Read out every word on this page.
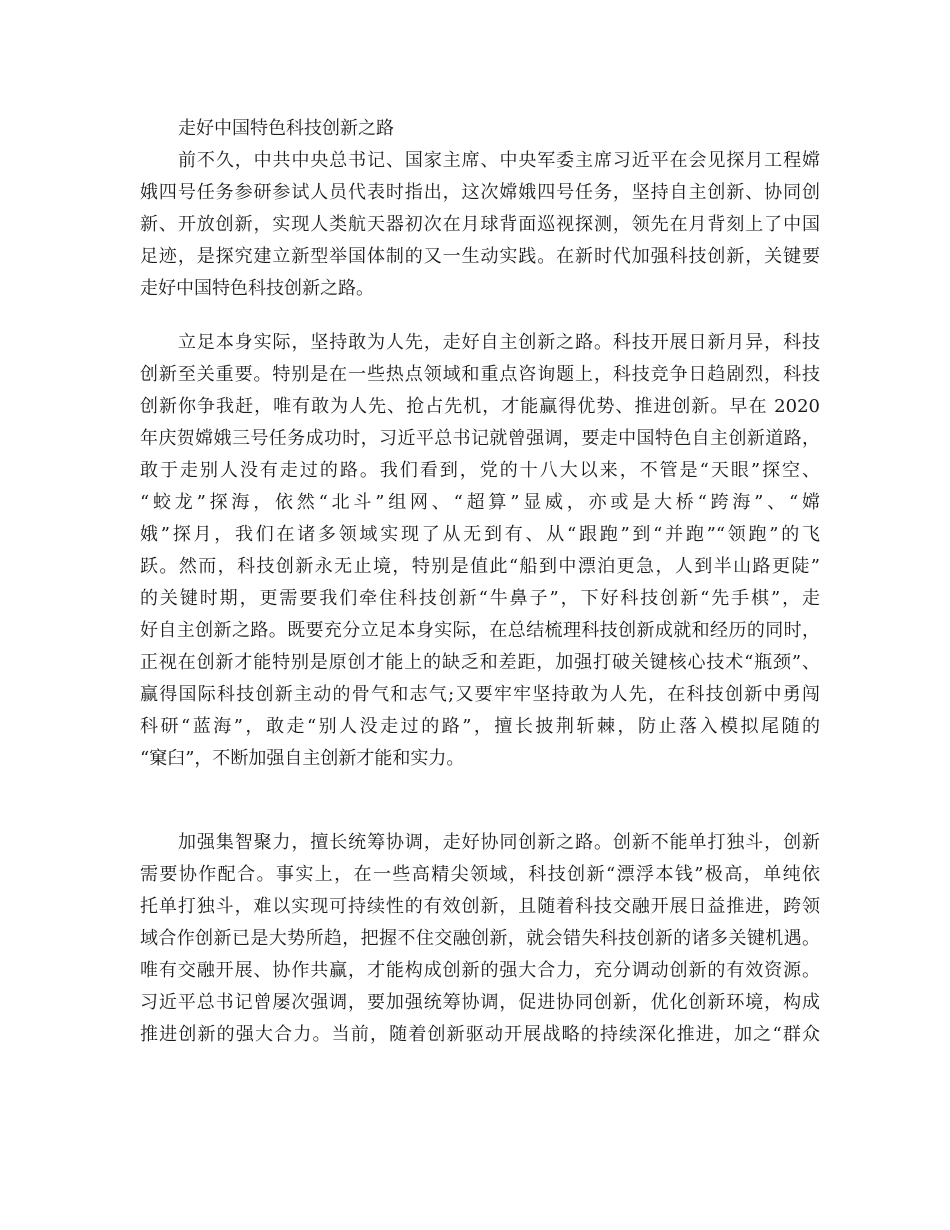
走好中国特色科技创新之路
前不久，中共中央总书记、国家主席、中央军委主席习近平在会见探月工程嫦
娥四号任务参研参试人员代表时指出，这次嫦娥四号任务，坚持自主创新、协同创
新、开放创新，实现人类航天器初次在月球背面巡视探测，领先在月背刻上了中国
足迹，是探究建立新型举国体制的又一生动实践。在新时代加强科技创新，关键要
走好中国特色科技创新之路。
立足本身实际，坚持敢为人先，走好自主创新之路。科技开展日新月异，科技
创新至关重要。特别是在一些热点领域和重点咨询题上，科技竞争日趋剧烈，科技
创新你争我赶，唯有敢为人先、抢占先机，才能赢得优势、推进创新。早在 2020
年庆贺嫦娥三号任务成功时，习近平总书记就曾强调，要走中国特色自主创新道路，
敢于走别人没有走过的路。我们看到，党的十八大以来，不管是“天眼”探空、
“蛟龙”探海，依然“北斗”组网、“超算”显威，亦或是大桥“跨海”、“嫦
娥”探月，我们在诸多领域实现了从无到有、从“跟跑”到“并跑”“领跑”的飞
跃。然而，科技创新永无止境，特别是值此“船到中漂泊更急，人到半山路更陡”
的关键时期，更需要我们牵住科技创新“牛鼻子”，下好科技创新“先手棋”，走
好自主创新之路。既要充分立足本身实际，在总结梳理科技创新成就和经历的同时，
正视在创新才能特别是原创才能上的缺乏和差距，加强打破关键核心技术“瓶颈”、
赢得国际科技创新主动的骨气和志气;又要牢牢坚持敢为人先，在科技创新中勇闯
科研“蓝海”，敢走“别人没走过的路”，擅长披荆斩棘，防止落入模拟尾随的
“窠臼”，不断加强自主创新才能和实力。
加强集智聚力，擅长统筹协调，走好协同创新之路。创新不能单打独斗，创新
需要协作配合。事实上，在一些高精尖领域，科技创新“漂浮本钱”极高，单纯依
托单打独斗，难以实现可持续性的有效创新，且随着科技交融开展日益推进，跨领
域合作创新已是大势所趋，把握不住交融创新，就会错失科技创新的诸多关键机遇。
唯有交融开展、协作共赢，才能构成创新的强大合力，充分调动创新的有效资源。
习近平总书记曾屡次强调，要加强统筹协调，促进协同创新，优化创新环境，构成
推进创新的强大合力。当前，随着创新驱动开展战略的持续深化推进，加之“群众
